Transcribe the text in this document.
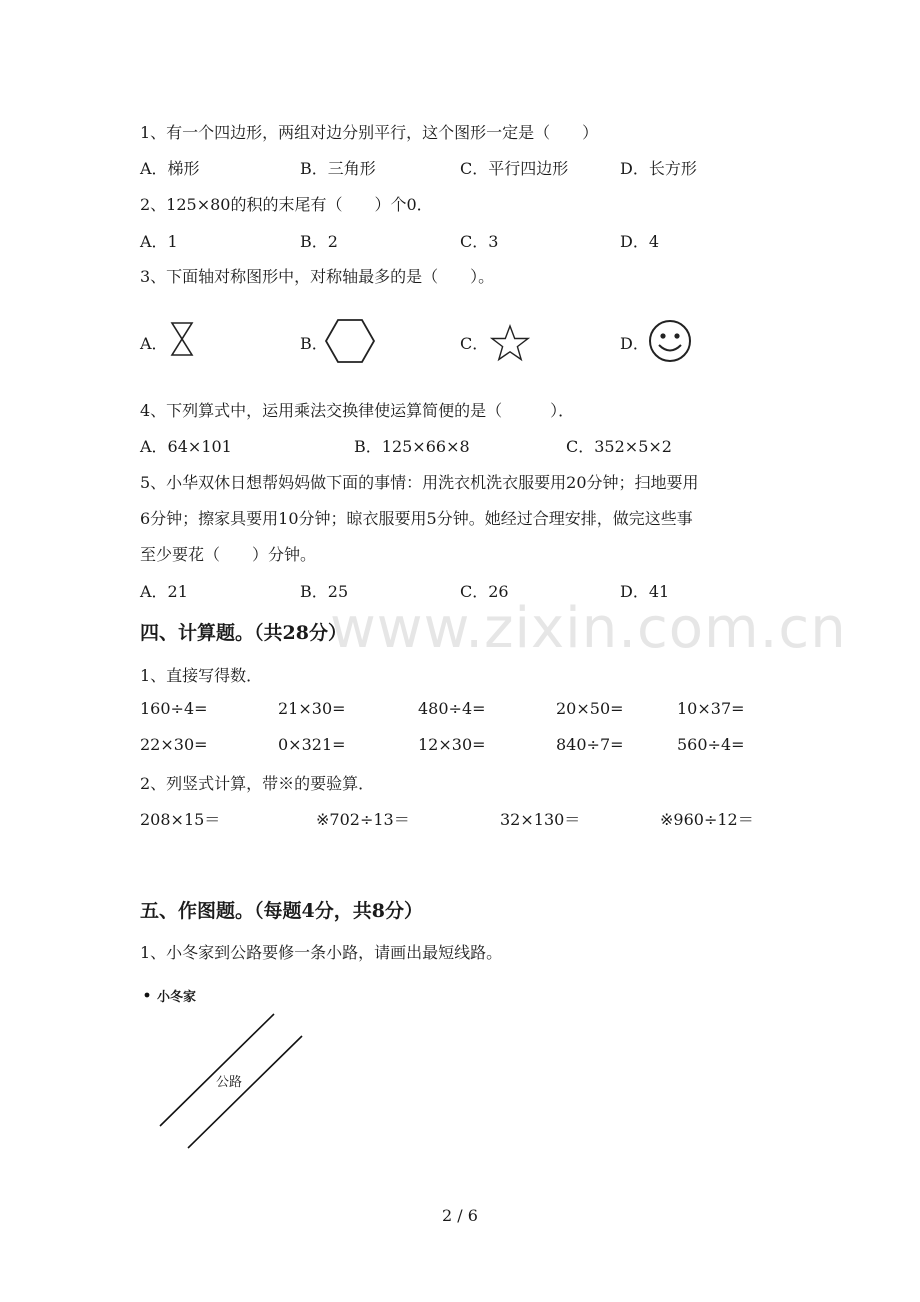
www.zixin.com.cn
1、有一个四边形，两组对边分别平行，这个图形一定是（　　）
A．梯形	B．三角形	C．平行四边形	D．长方形
2、125×80的积的末尾有（　　）个0．
A．1	B．2	C．3	D．4
3、下面轴对称图形中，对称轴最多的是（　　）。
A．	B．	C．	D．
4、下列算式中，运用乘法交换律使运算简便的是（　　　）．
A．64×101	B．125×66×8	C．352×5×2
5、小华双休日想帮妈妈做下面的事情：用洗衣机洗衣服要用20分钟；扫地要用
6分钟；擦家具要用10分钟；晾衣服要用5分钟。她经过合理安排，做完这些事
至少要花（　　）分钟。
A．21	B．25	C．26	D．41
四、计算题。（共28分）
1、直接写得数．
160÷4=	21×30=	480÷4=	20×50=	10×37=
22×30=	0×321=	12×30=	840÷7=	560÷4=
2、列竖式计算，带※的要验算．
208×15＝	※702÷13＝	32×130＝	※960÷12＝
五、作图题。（每题4分，共8分）
1、小冬家到公路要修一条小路，请画出最短线路。
小冬家
公路
2 / 6
